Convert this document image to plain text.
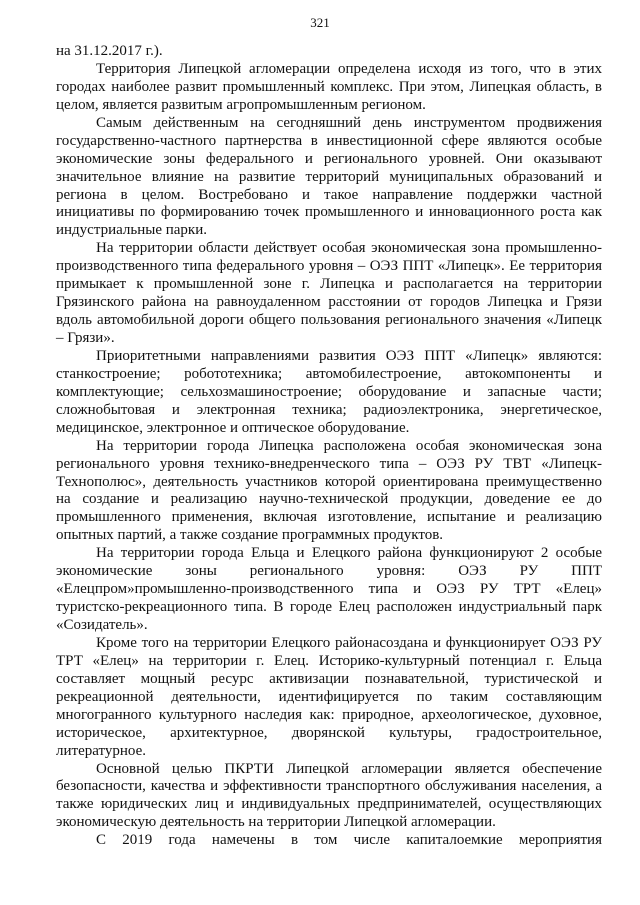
321
на 31.12.2017 г.).
Территория Липецкой агломерации определена исходя из того, что в этих
городах наиболее развит промышленный комплекс. При этом, Липецкая область, в
целом, является развитым агропромышленным регионом.
Самым действенным на сегодняшний день инструментом продвижения
государственно-частного партнерства в инвестиционной сфере являются особые
экономические зоны федерального и регионального уровней. Они оказывают
значительное влияние на развитие территорий муниципальных образований и
региона в целом. Востребовано и такое направление поддержки частной
инициативы по формированию точек промышленного и инновационного роста как
индустриальные парки.
На территории области действует особая экономическая зона промышленно-
производственного типа федерального уровня – ОЭЗ ППТ «Липецк». Ее территория
примыкает к промышленной зоне г. Липецка и располагается на территории
Грязинского района на равноудаленном расстоянии от городов Липецка и Грязи
вдоль автомобильной дороги общего пользования регионального значения «Липецк
– Грязи».
Приоритетными направлениями развития ОЭЗ ППТ «Липецк» являются:
станкостроение; робототехника; автомобилестроение, автокомпоненты и
комплектующие; сельхозмашиностроение; оборудование и запасные части;
сложнобытовая и электронная техника; радиоэлектроника, энергетическое,
медицинское, электронное и оптическое оборудование.
На территории города Липецка расположена особая экономическая зона
регионального уровня технико-внедренческого типа – ОЭЗ РУ ТВТ «Липецк-
Технополюс», деятельность участников которой ориентирована преимущественно
на создание и реализацию научно-технической продукции, доведение ее до
промышленного применения, включая изготовление, испытание и реализацию
опытных партий, а также создание программных продуктов.
На территории города Ельца и Елецкого района функционируют 2 особые
экономические зоны регионального уровня: ОЭЗ РУ ППТ
«Елецпром»промышленно-производственного типа и ОЭЗ РУ ТРТ «Елец»
туристско-рекреационного типа. В городе Елец расположен индустриальный парк
«Созидатель».
Кроме того на территории Елецкого районасоздана и функционирует ОЭЗ РУ
ТРТ «Елец» на территории г. Елец. Историко-культурный потенциал г. Ельца
составляет мощный ресурс активизации познавательной, туристической и
рекреационной деятельности, идентифицируется по таким составляющим
многогранного культурного наследия как: природное, археологическое, духовное,
историческое, архитектурное, дворянской культуры, градостроительное,
литературное.
Основной целью ПКРТИ Липецкой агломерации является обеспечение
безопасности, качества и эффективности транспортного обслуживания населения, а
также юридических лиц и индивидуальных предпринимателей, осуществляющих
экономическую деятельность на территории Липецкой агломерации.
С 2019 года намечены в том числе капиталоемкие мероприятия
